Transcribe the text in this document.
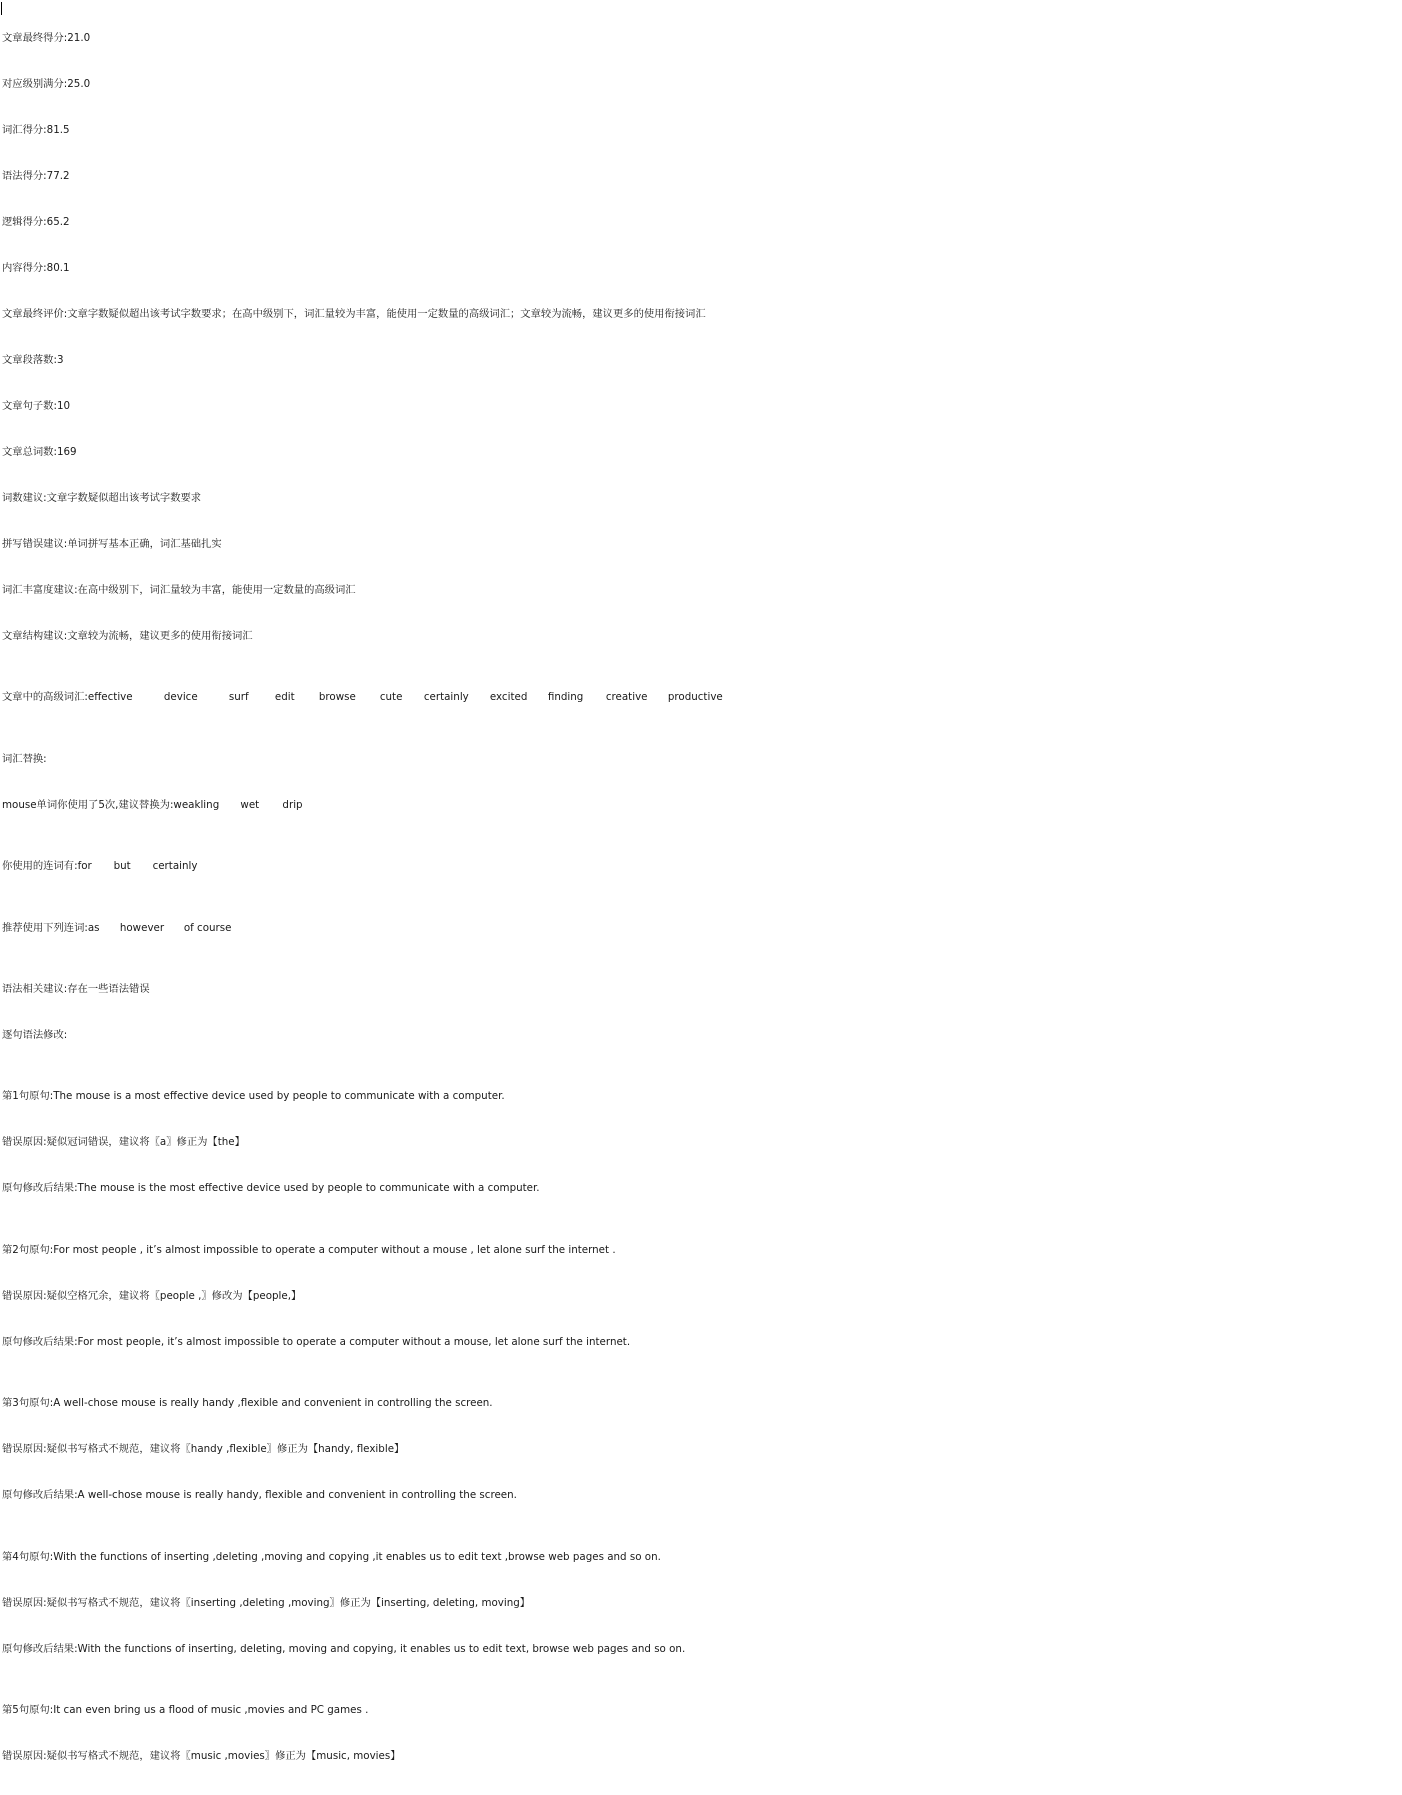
文章最终得分:21.0

对应级别满分:25.0

词汇得分:81.5

语法得分:77.2

逻辑得分:65.2

内容得分:80.1

文章最终评价:文章字数疑似超出该考试字数要求；在高中级别下，词汇量较为丰富，能使用一定数量的高级词汇；文章较为流畅，建议更多的使用衔接词汇

文章段落数:3

文章句子数:10

文章总词数:169

词数建议:文章字数疑似超出该考试字数要求

拼写错误建议:单词拼写基本正确，词汇基础扎实

词汇丰富度建议:在高中级别下，词汇量较为丰富，能使用一定数量的高级词汇

文章结构建议:文章较为流畅，建议更多的使用衔接词汇

文章中的高级词汇:effective	device	surf	edit browse cute certainly excited finding creative productive

词汇替换:

mouse单词你使用了5次,建议替换为:weakling wet drip

你使用的连词有:for but certainly

推荐使用下列连词:as however of course

语法相关建议:存在一些语法错误

逐句语法修改:

第1句原句:The mouse is a most effective device used by people to communicate with a computer.

错误原因:疑似冠词错误，建议将〖a〗修正为【the】

原句修改后结果:The mouse is the most effective device used by people to communicate with a computer.

第2句原句:For most people , it’s almost impossible to operate a computer without a mouse , let alone surf the internet .

错误原因:疑似空格冗余，建议将〖people ,〗修改为【people,】

原句修改后结果:For most people, it’s almost impossible to operate a computer without a mouse, let alone surf the internet.

第3句原句:A well-chose mouse is really handy ,flexible and convenient in controlling the screen.

错误原因:疑似书写格式不规范，建议将〖handy ,flexible〗修正为【handy, flexible】

原句修改后结果:A well-chose mouse is really handy, flexible and convenient in controlling the screen.

第4句原句:With the functions of inserting ,deleting ,moving and copying ,it enables us to edit text ,browse web pages and so on.

错误原因:疑似书写格式不规范，建议将〖inserting ,deleting ,moving〗修正为【inserting, deleting, moving】

原句修改后结果:With the functions of inserting, deleting, moving and copying, it enables us to edit text, browse web pages and so on.

第5句原句:It can even bring us a flood of music ,movies and PC games .

错误原因:疑似书写格式不规范，建议将〖music ,movies〗修正为【music, movies】
